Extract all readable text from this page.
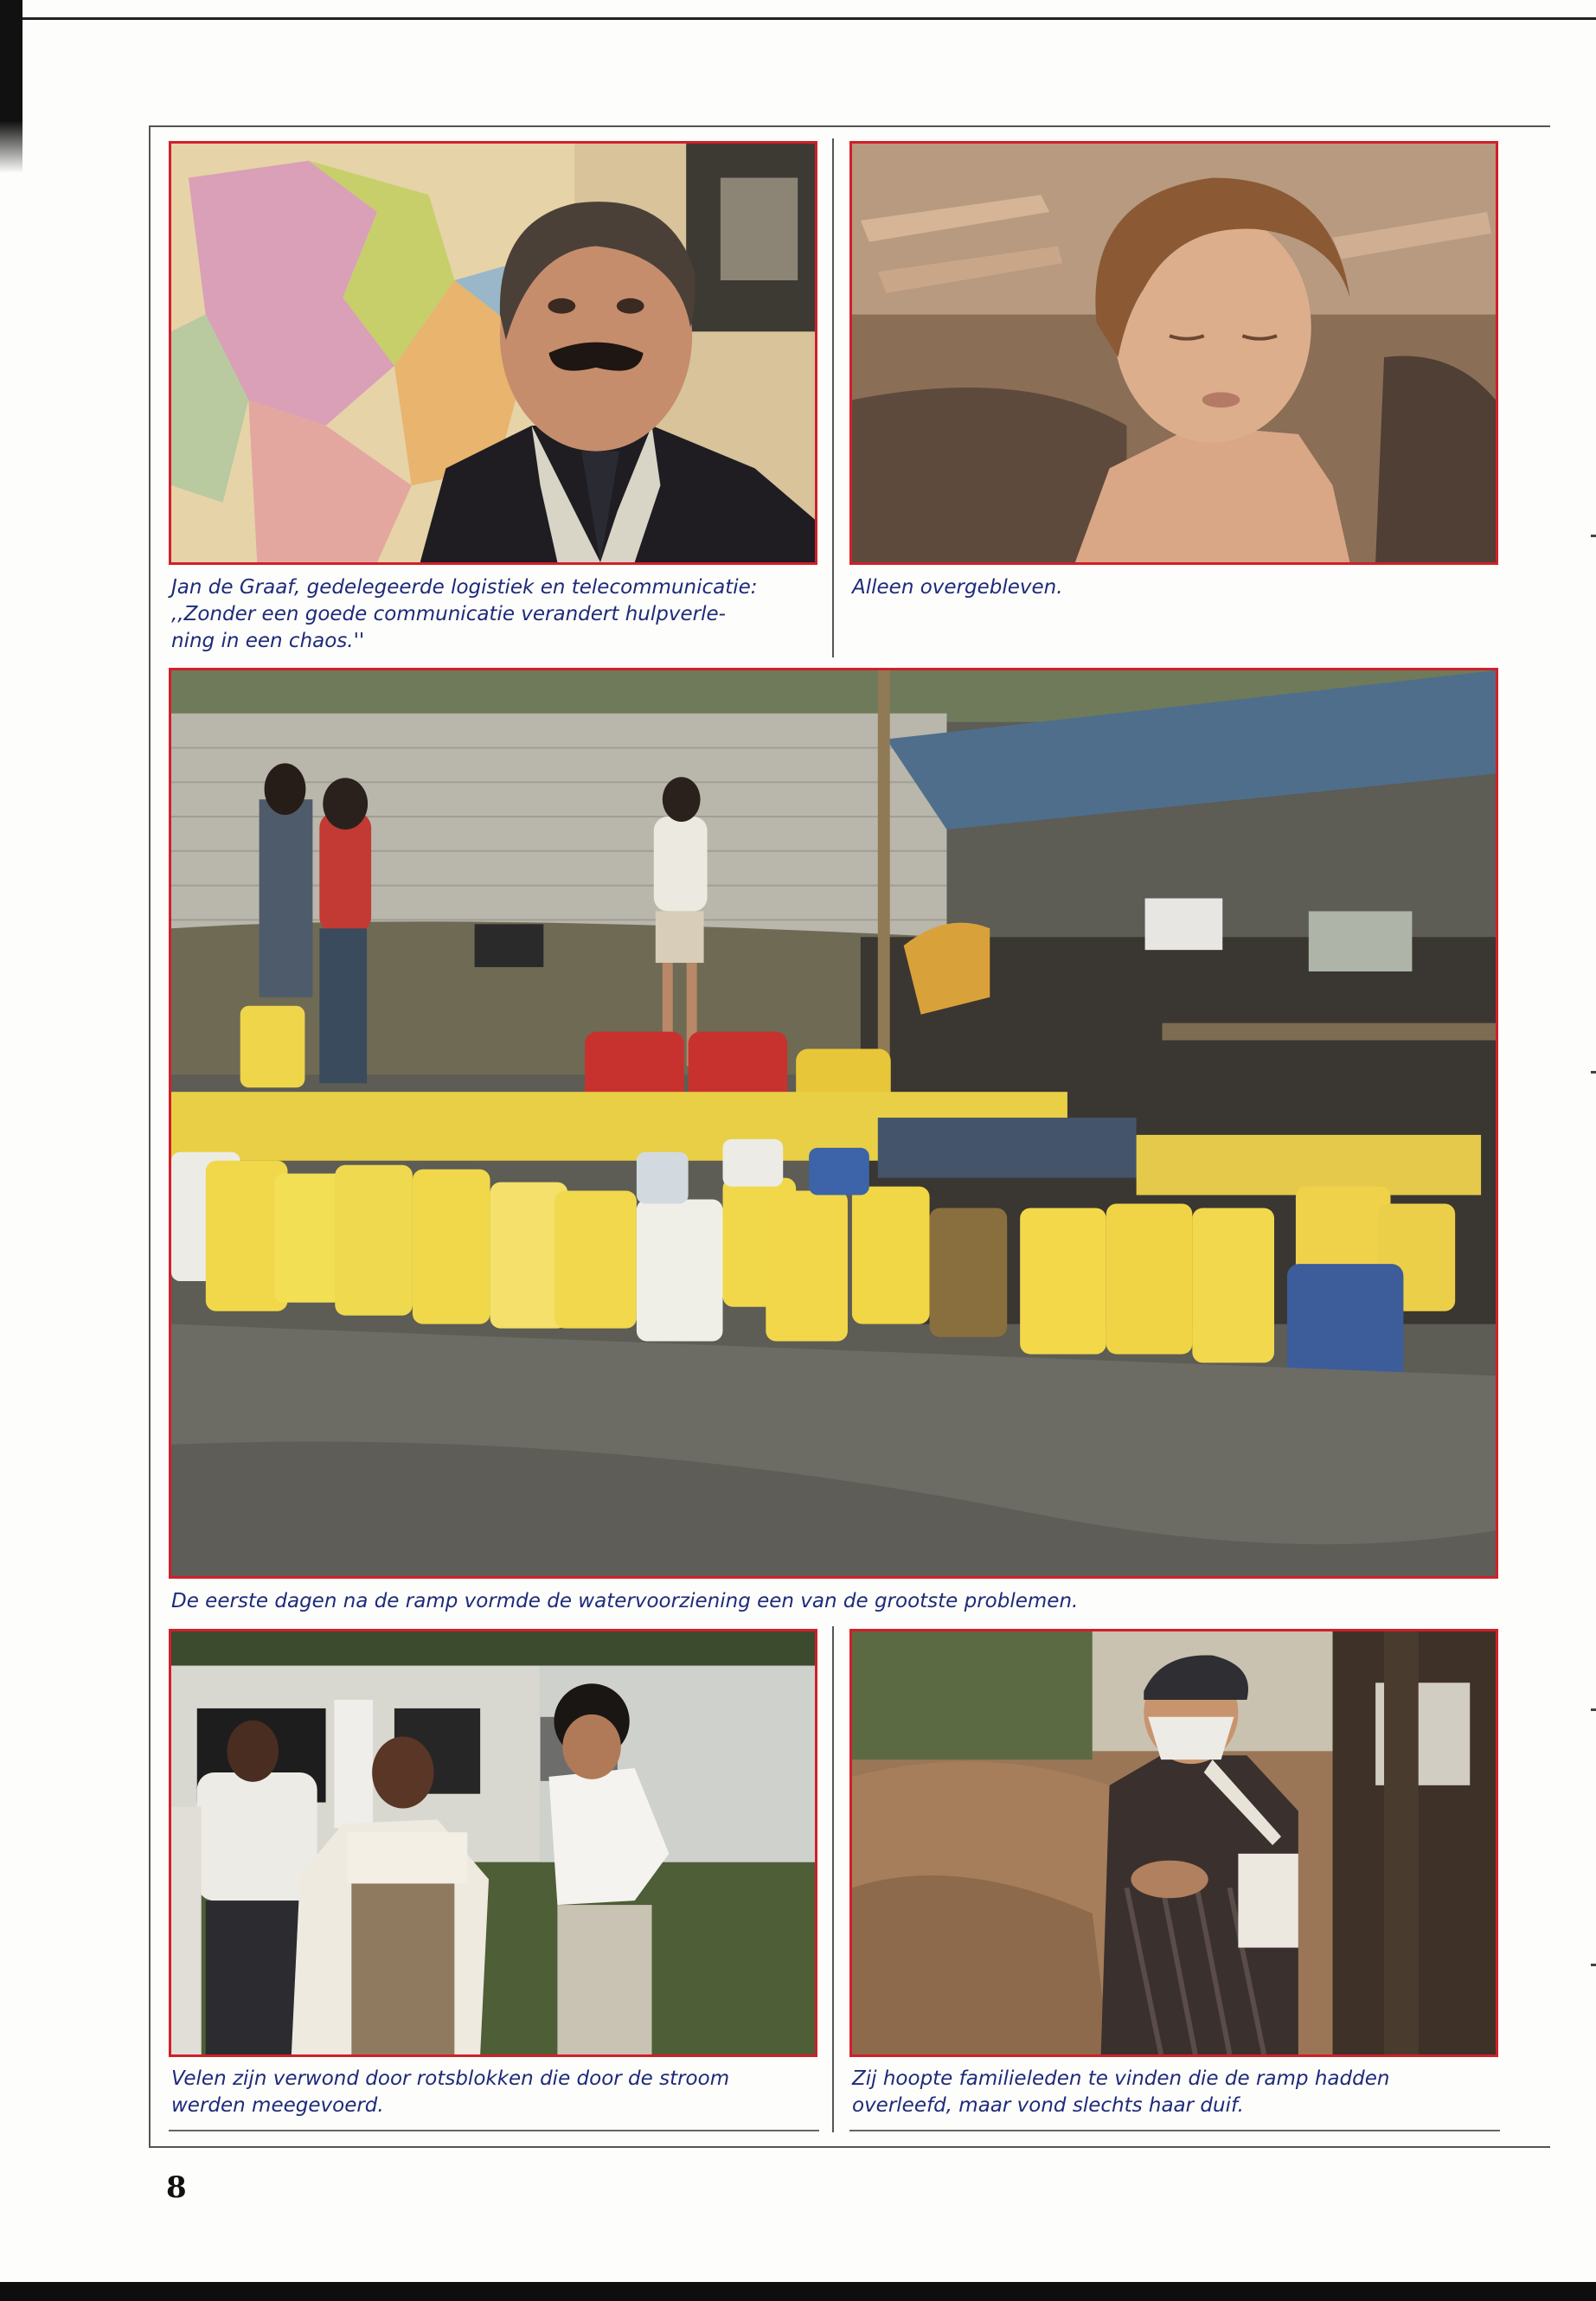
Jan de Graaf, gedelegeerde logistiek en telecommunicatie:
,,Zonder een goede communicatie verandert hulpverle-
ning in een chaos.''

Alleen overgebleven.

De eerste dagen na de ramp vormde de watervoorziening een van de grootste problemen.

Velen zijn verwond door rotsblokken die door de stroom
werden meegevoerd.

Zij hoopte familieleden te vinden die de ramp hadden
overleefd, maar vond slechts haar duif.

8
